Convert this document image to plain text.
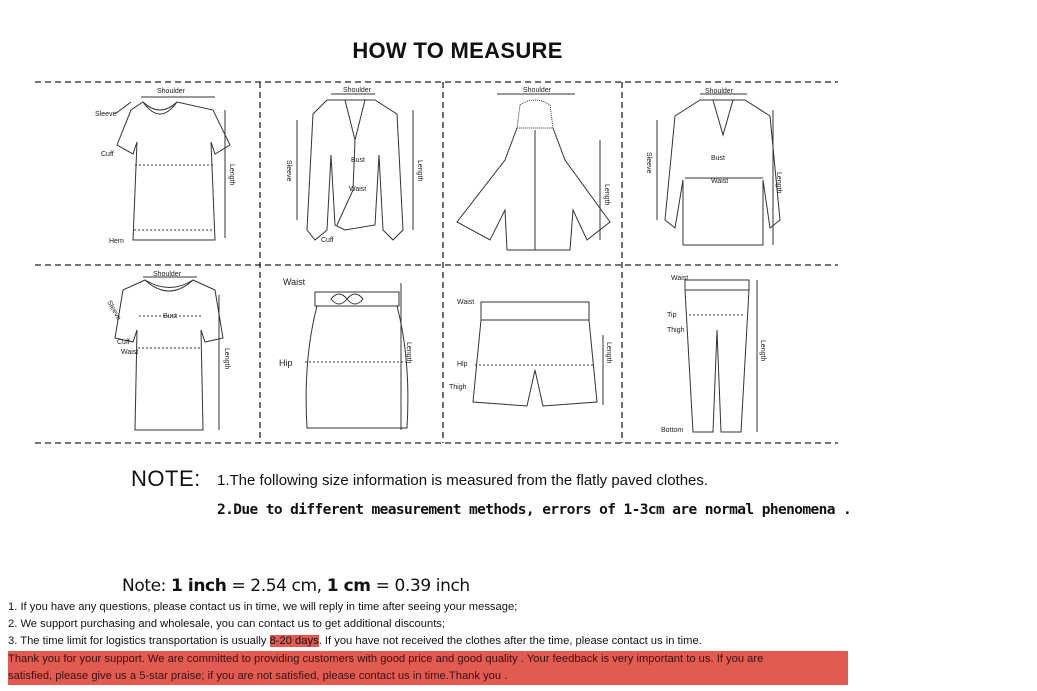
HOW TO MEASURE
Shoulder
Sleeve
Cuff
Hem
Length
Shoulder
Bust
Waist
Cuff
Sleeve	Length
Shoulder
Length
Shoulder
Bust
Waist
Sleeve
Length
Shoulder
Bust
Cuff
Waist
Sleeve
Length
Waist
Hip	Length
Waist
Hip
Thigh
Length
Waist
Tip
Thigh
Bottom
Length
NOTE: 1.The following size information is measured from the flatly paved clothes.
2.Due to different measurement methods, errors of 1-3cm are normal phenomena .
Note: 1 inch = 2.54 cm, 1 cm = 0.39 inch
1. If you have any questions, please contact us in time, we will reply in time after seeing your message;
2. We support purchasing and wholesale, you can contact us to get additional discounts;
3. The time limit for logistics transportation is usually 8-20 days. If you have not received the clothes after the time, please contact us in time.
Thank you for your support. We are committed to providing customers with good price and good quality . Your feedback is very important to us. If you are
satisfied, please give us a 5-star praise; if you are not satisfied, please contact us in time.Thank you .
